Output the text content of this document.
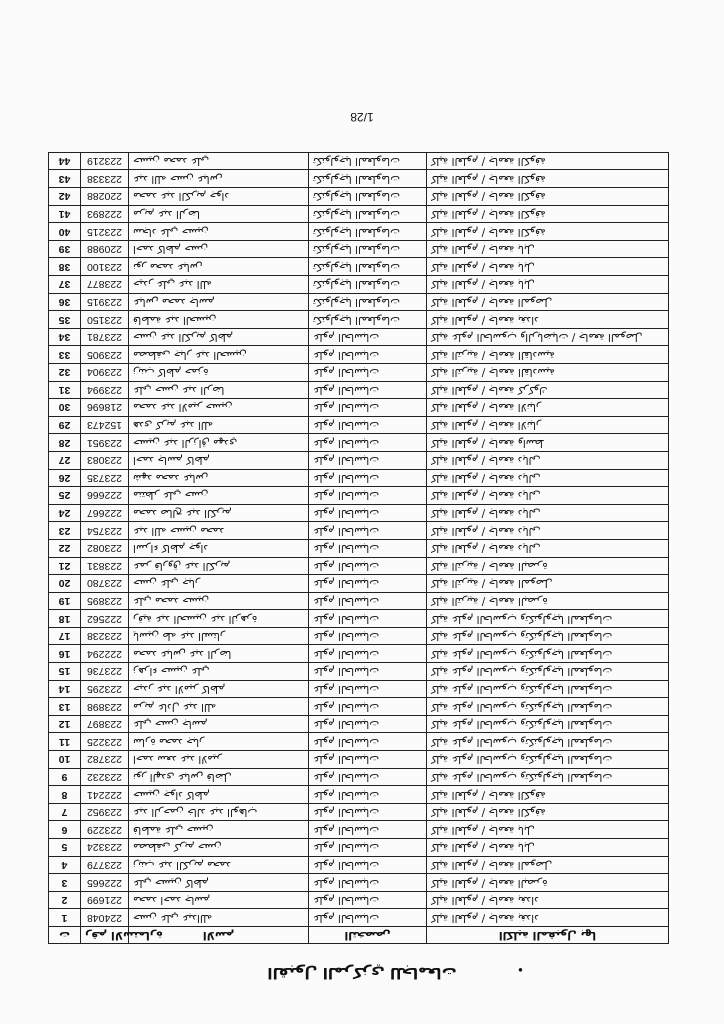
القبول المركزي للجامعات	•
ت	رقم الاستمارة	الاسم	التخصص	الكلية المقبول بها
1	224048	حسن علي عبدالله	علوم الحاسبات	كلية العلوم / جامعة بغداد
2	221699	محمد احمد جاسم	علوم الحاسبات	كلية العلوم / جامعة بغداد
3	222665	علي حسين كاظم	علوم الحاسبات	كلية العلوم / جامعة البصرة
4	223779	زينب عبد الكريم محمد	علوم الحاسبات	كلية العلوم / جامعة الموصل
5	223324	مصطفى كريم حسن	علوم الحاسبات	كلية العلوم / جامعة بابل
6	223229	فاطمة علي حسين	علوم الحاسبات	كلية العلوم / جامعة بابل
7	223952	عبد الرحمن خالد عبد الوهاب	علوم الحاسبات	كلية العلوم / جامعة الكوفة
8	222241	حسين جواد كاظم	علوم الحاسبات	كلية العلوم / جامعة الكوفة
9	223232	نور الهدى عباس فاضل	علوم الحاسبات	كلية علوم الحاسوب وتكنولوجيا المعلومات
10	223782	احمد سعد عبد الامير	علوم الحاسبات	كلية علوم الحاسوب وتكنولوجيا المعلومات
11	223225	سارة محمد جبار	علوم الحاسبات	كلية علوم الحاسوب وتكنولوجيا المعلومات
12	223897	علي حسن جاسم	علوم الحاسبات	كلية علوم الحاسوب وتكنولوجيا المعلومات
13	223898	مريم عادل عبد الله	علوم الحاسبات	كلية علوم الحاسوب وتكنولوجيا المعلومات
14	223295	حيدر عبد الامير كاظم	علوم الحاسبات	كلية علوم الحاسوب وتكنولوجيا المعلومات
15	223736	زهراء حسين علي	علوم الحاسبات	كلية علوم الحاسوب وتكنولوجيا المعلومات
16	222294	محمد عباس عبد الرضا	علوم الحاسبات	كلية علوم الحاسوب وتكنولوجيا المعلومات
17	223238	ياسين طه عبد الستار	علوم الحاسبات	كلية علوم الحاسوب وتكنولوجيا المعلومات
18	222562	رقية عبد الحسين عبد الزهرة	علوم الحاسبات	كلية علوم الحاسوب وتكنولوجيا المعلومات
19	223895	علي محمد حسين	علوم الحاسبات	كلية التربية / جامعة البصرة
20	223780	حسن علي جبار	علوم الحاسبات	كلية التربية / جامعة الموصل
21	223831	عمر فاروق عبد الكريم	علوم الحاسبات	كلية التربية / جامعة البصرة
22	223082	اسراء كاظم جواد	علوم الحاسبات	كلية العلوم / جامعة ديالى
23	223754	عبد الله حسين محمد	علوم الحاسبات	كلية العلوم / جامعة ديالى
24	222667	محمد صالح عبد الكريم	علوم الحاسبات	كلية العلوم / جامعة ديالى
25	222666	منتظر علي حسن	علوم الحاسبات	كلية العلوم / جامعة ديالى
26	223735	شهد محمد عباس	علوم الحاسبات	كلية العلوم / جامعة ديالى
27	223083	احمد جاسم كاظم	علوم الحاسبات	كلية العلوم / جامعة ديالى
28	223951	حسين عبد الرزاق مهدي	علوم الحاسبات	كلية العلوم / جامعة واسط
29	152473	هدى كريم عبد الله	علوم الحاسبات	كلية العلوم / جامعة الانبار
30	218696	محمد عبد الامير حسين	علوم الحاسبات	كلية العلوم / جامعة الانبار
31	223994	علي حسن عبد الرضا	علوم الحاسبات	كلية العلوم / جامعة كركوك
32	223904	زينب كاظم حمزة	علوم الحاسبات	كلية التربية / جامعة القادسية
33	223905	مصطفى جبار عبد الحسين	علوم الحاسبات	كلية التربية / جامعة القادسية
34	223781	حسن عبد الكريم كاظم	علوم الحاسبات	كلية علوم الحاسوب والرياضيات / جامعة الموصل
35	223150	فاطمة عبد الحسين	تكنولوجيا المعلومات	كلية العلوم / جامعة بغداد
36	223915	عباس محمد جاسم	تكنولوجيا المعلومات	كلية العلوم / جامعة الموصل
37	223877	حيدر علي عبد الله	تكنولوجيا المعلومات	كلية العلوم / جامعة بابل
38	223100	نور محمد عباس	تكنولوجيا المعلومات	كلية العلوم / جامعة بابل
39	220988	احمد كاظم حسن	تكنولوجيا المعلومات	كلية العلوم / جامعة بابل
40	223215	سجاد علي حسين	تكنولوجيا المعلومات	كلية العلوم / جامعة الكوفة
41	222893	مريم عبد الرضا	تكنولوجيا المعلومات	كلية العلوم / جامعة الكوفة
42	220288	محمد عبد الكريم جواد	تكنولوجيا المعلومات	كلية العلوم / جامعة الكوفة
43	223338	عبد الله حسن عباس	تكنولوجيا المعلومات	كلية العلوم / جامعة الكوفة
44	223219	حسين محمد علي	تكنولوجيا المعلومات	كلية العلوم / جامعة الكوفة
1/28
